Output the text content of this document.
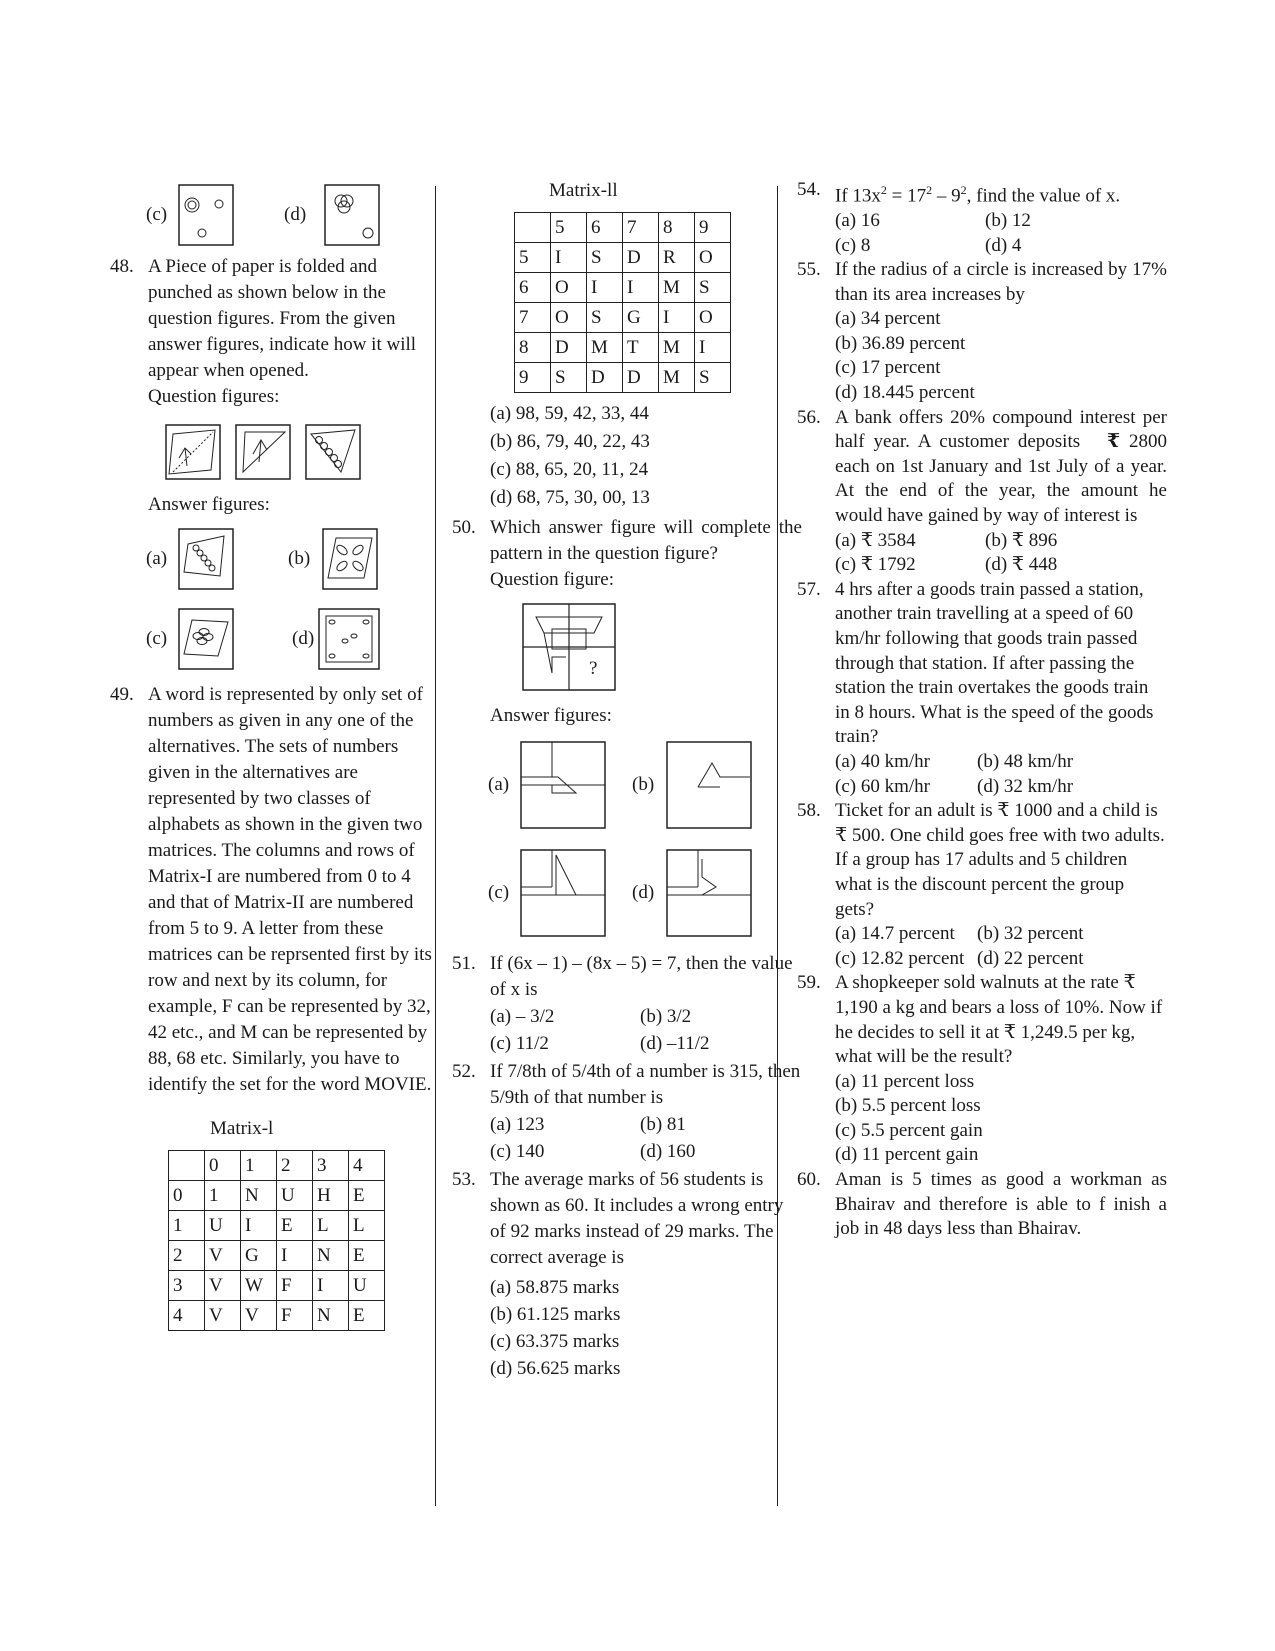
(c)	(d)
48. A Piece of paper is folded and punched as shown below in the question figures. From the given answer figures, indicate how it will appear when opened.
Question figures:
Answer figures:
(a)	(b)
(c)	(d)
49. A word is represented by only set of numbers as given in any one of the alternatives. The sets of numbers given in the alternatives are represented by two classes of alphabets as shown in the given two matrices. The columns and rows of Matrix-I are numbered from 0 to 4 and that of Matrix-II are numbered from 5 to 9. A letter from these matrices can be reprsented first by its row and next by its column, for example, F can be represented by 32, 42 etc., and M can be represented by 88, 68 etc. Similarly, you have to identify the set for the word MOVIE.
Matrix-l
	0	1	2	3	4
0	1	N	U	H	E
1	U	I	E	L	L
2	V	G	I	N	E
3	V	W	F	I	U
4	V	V	F	N	E
Matrix-ll
	5	6	7	8	9
5	I	S	D	R	O
6	O	I	I	M	S
7	O	S	G	I	O
8	D	M	T	M	I
9	S	D	D	M	S
(a) 98, 59, 42, 33, 44
(b) 86, 79, 40, 22, 43
(c) 88, 65, 20, 11, 24
(d) 68, 75, 30, 00, 13
50. Which answer figure will complete the pattern in the question figure?
Question figure:
?
Answer figures:
(a)	(b)
(c)	(d)
51. If (6x – 1) – (8x – 5) = 7, then the value of x is
(a) – 3/2	(b) 3/2
(c) 11/2	(d) –11/2
52. If 7/8th of 5/4th of a number is 315, then 5/9th of that number is
(a) 123	(b) 81
(c) 140	(d) 160
53. The average marks of 56 students is shown as 60. It includes a wrong entry of 92 marks instead of 29 marks. The correct average is
(a) 58.875 marks
(b) 61.125 marks
(c) 63.375 marks
(d) 56.625 marks
54. If $13x^2 = 17^2 - 9^2$, find the value of x.
(a) 16	(b) 12
(c) 8	(d) 4
55. If the radius of a circle is increased by 17% than its area increases by
(a) 34 percent
(b) 36.89 percent
(c) 17 percent
(d) 18.445 percent
56. A bank offers 20% compound interest per half year. A customer deposits ₹ 2800 each on 1st January and 1st July of a year. At the end of the year, the amount he would have gained by way of interest is
(a) ₹ 3584	(b) ₹ 896
(c) ₹ 1792	(d) ₹ 448
57. 4 hrs after a goods train passed a station, another train travelling at a speed of 60 km/hr following that goods train passed through that station. If after passing the station the train overtakes the goods train in 8 hours. What is the speed of the goods train?
(a) 40 km/hr	(b) 48 km/hr
(c) 60 km/hr	(d) 32 km/hr
58. Ticket for an adult is ₹ 1000 and a child is ₹ 500. One child goes free with two adults. If a group has 17 adults and 5 children what is the discount percent the group gets?
(a) 14.7 percent	(b) 32 percent
(c) 12.82 percent (d) 22 percent
59. A shopkeeper sold walnuts at the rate ₹ 1,190 a kg and bears a loss of 10%. Now if he decides to sell it at ₹ 1,249.5 per kg, what will be the result?
(a) 11 percent loss
(b) 5.5 percent loss
(c) 5.5 percent gain
(d) 11 percent gain
60. Aman is 5 times as good a workman as Bhairav and therefore is able to f inish a job in 48 days less than Bhairav.
